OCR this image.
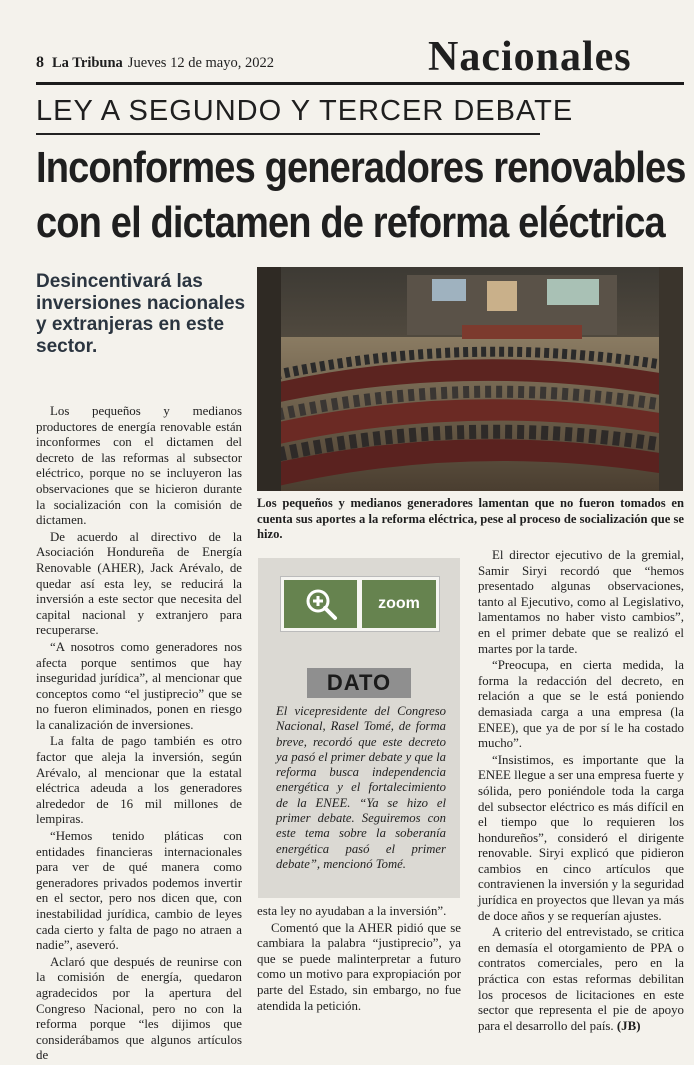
8 La Tribuna Jueves 12 de mayo, 2022	Nacionales
LEY A SEGUNDO Y TERCER DEBATE
Inconformes generadores renovables
con el dictamen de reforma eléctrica
Desincentivará las inversiones nacionales y extranjeras en este sector.
Los pequeños y medianos generadores lamentan que no fueron tomados en cuenta sus aportes a la reforma eléctrica, pese al proceso de socialización que se hizo.

Los pequeños y medianos productores de energía renovable están inconformes con el dictamen del decreto de las reformas al subsector eléctrico, porque no se incluyeron las observaciones que se hicieron durante la socialización con la comisión de dictamen.

De acuerdo al directivo de la Asociación Hondureña de Energía Renovable (AHER), Jack Arévalo, de quedar así esta ley, se reducirá la inversión a este sector que necesita del capital nacional y extranjero para recuperarse.

“A nosotros como generadores nos afecta porque sentimos que hay inseguridad jurídica”, al mencionar que conceptos como “el justiprecio” que se no fueron eliminados, ponen en riesgo la canalización de inversiones.

La falta de pago también es otro factor que aleja la inversión, según Arévalo, al mencionar que la estatal eléctrica adeuda a los generadores alrededor de 16 mil millones de lempiras.

“Hemos tenido pláticas con entidades financieras internacionales para ver de qué manera como generadores privados podemos invertir en el sector, pero nos dicen que, con inestabilidad jurídica, cambio de leyes cada cierto y falta de pago no atraen a nadie”, aseveró.

Aclaró que después de reunirse con la comisión de energía, quedaron agradecidos por la apertura del Congreso Nacional, pero no con la reforma porque “les dijimos que considerábamos que algunos artículos de

zoom
DATO
El vicepresidente del Congreso Nacional, Rasel Tomé, de forma breve, recordó que este decreto ya pasó el primer debate y que la reforma busca independencia energética y el fortalecimiento de la ENEE. “Ya se hizo el primer debate. Seguiremos con este tema sobre la soberanía energética pasó el primer debate”, mencionó Tomé.

esta ley no ayudaban a la inversión”.

Comentó que la AHER pidió que se cambiara la palabra “justiprecio”, ya que se puede malinterpretar a futuro como un motivo para expropiación por parte del Estado, sin embargo, no fue atendida la petición.

El director ejecutivo de la gremial, Samir Siryi recordó que “hemos presentado algunas observaciones, tanto al Ejecutivo, como al Legislativo, lamentamos no haber visto cambios”, en el primer debate que se realizó el martes por la tarde.

“Preocupa, en cierta medida, la forma la redacción del decreto, en relación a que se le está poniendo demasiada carga a una empresa (la ENEE), que ya de por sí le ha costado mucho”.

“Insistimos, es importante que la ENEE llegue a ser una empresa fuerte y sólida, pero poniéndole toda la carga del subsector eléctrico es más difícil en el tiempo que lo requieren los hondureños”, consideró el dirigente renovable. Siryi explicó que pidieron cambios en cinco artículos que contravienen la inversión y la seguridad jurídica en proyectos que llevan ya más de doce años y se requerían ajustes.

A criterio del entrevistado, se critica en demasía el otorgamiento de PPA o contratos comerciales, pero en la práctica con estas reformas debilitan los procesos de licitaciones en este sector que representa el pie de apoyo para el desarrollo del país. (JB)
